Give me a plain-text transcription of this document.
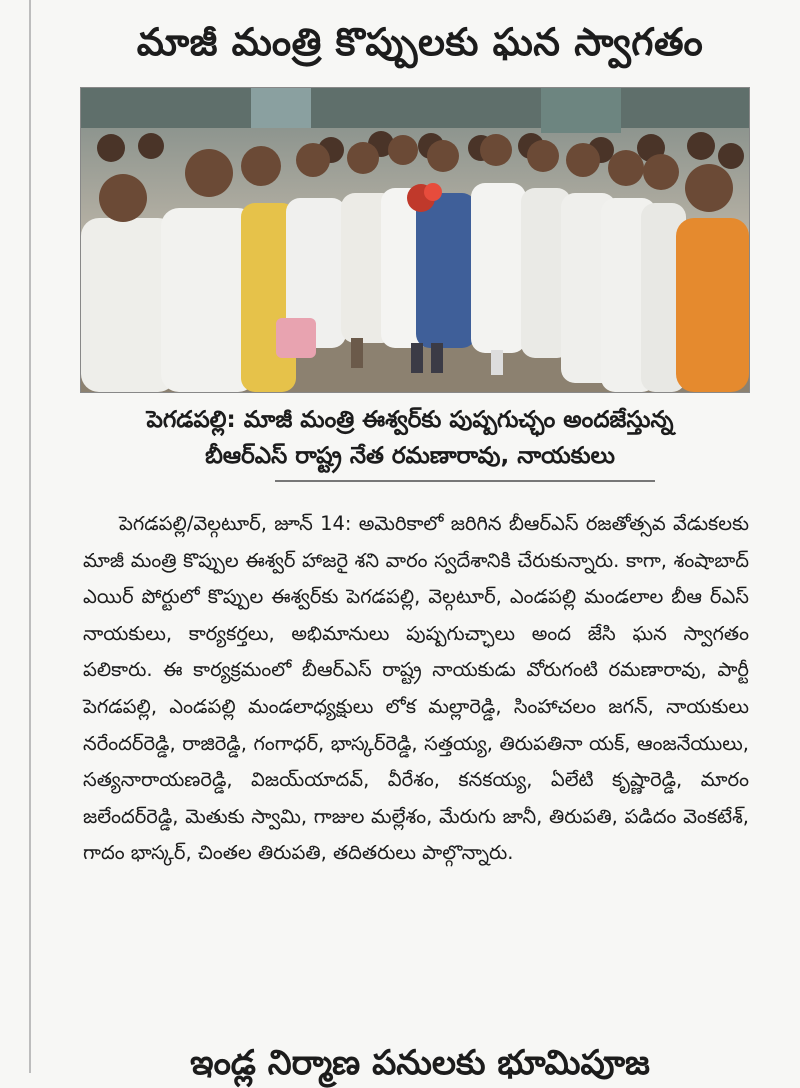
మాజీ మంత్రి కొప్పులకు ఘన స్వాగతం
పెగడపల్లి: మాజీ మంత్రి ఈశ్వర్‌కు పుష్పగుచ్ఛం అందజేస్తున్న
బీఆర్ఎస్ రాష్ట్ర నేత రమణారావు, నాయకులు

పెగడపల్లి/వెల్గటూర్, జూన్ 14: అమెరికాలో జరిగిన బీఆర్ఎస్ రజతోత్సవ వేడుకలకు మాజీ మంత్రి కొప్పుల ఈశ్వర్ హాజరై శని వారం స్వదేశానికి చేరుకున్నారు. కాగా, శంషాబాద్ ఎయిర్ పోర్టులో కొప్పుల ఈశ్వర్‌కు పెగడపల్లి, వెల్గటూర్, ఎండపల్లి మండలాల బీఆ ర్ఎస్ నాయకులు, కార్యకర్తలు, అభిమానులు పుష్పగుచ్ఛాలు అంద జేసి ఘన స్వాగతం పలికారు. ఈ కార్యక్రమంలో బీఆర్ఎస్ రాష్ట్ర నాయకుడు వోరుగంటి రమణారావు, పార్టీ పెగడపల్లి, ఎండపల్లి మండలాధ్యక్షులు లోక మల్లారెడ్డి, సింహాచలం జగన్, నాయకులు నరేందర్‌రెడ్డి, రాజిరెడ్డి, గంగాధర్, భాస్కర్‌రెడ్డి, సత్తయ్య, తిరుపతినా యక్, ఆంజనేయులు, సత్యనారాయణరెడ్డి, విజయ్‌యాదవ్, వీరేశం, కనకయ్య, ఏలేటి కృష్ణారెడ్డి, మారం జలేందర్‌రెడ్డి, మెతుకు స్వామి, గాజుల మల్లేశం, మేరుగు జానీ, తిరుపతి, పడిదం వెంకటేశ్, గాదం భాస్కర్, చింతల తిరుపతి, తదితరులు పాల్గొన్నారు.

ఇండ్ల నిర్మాణ పనులకు భూమిపూజ
